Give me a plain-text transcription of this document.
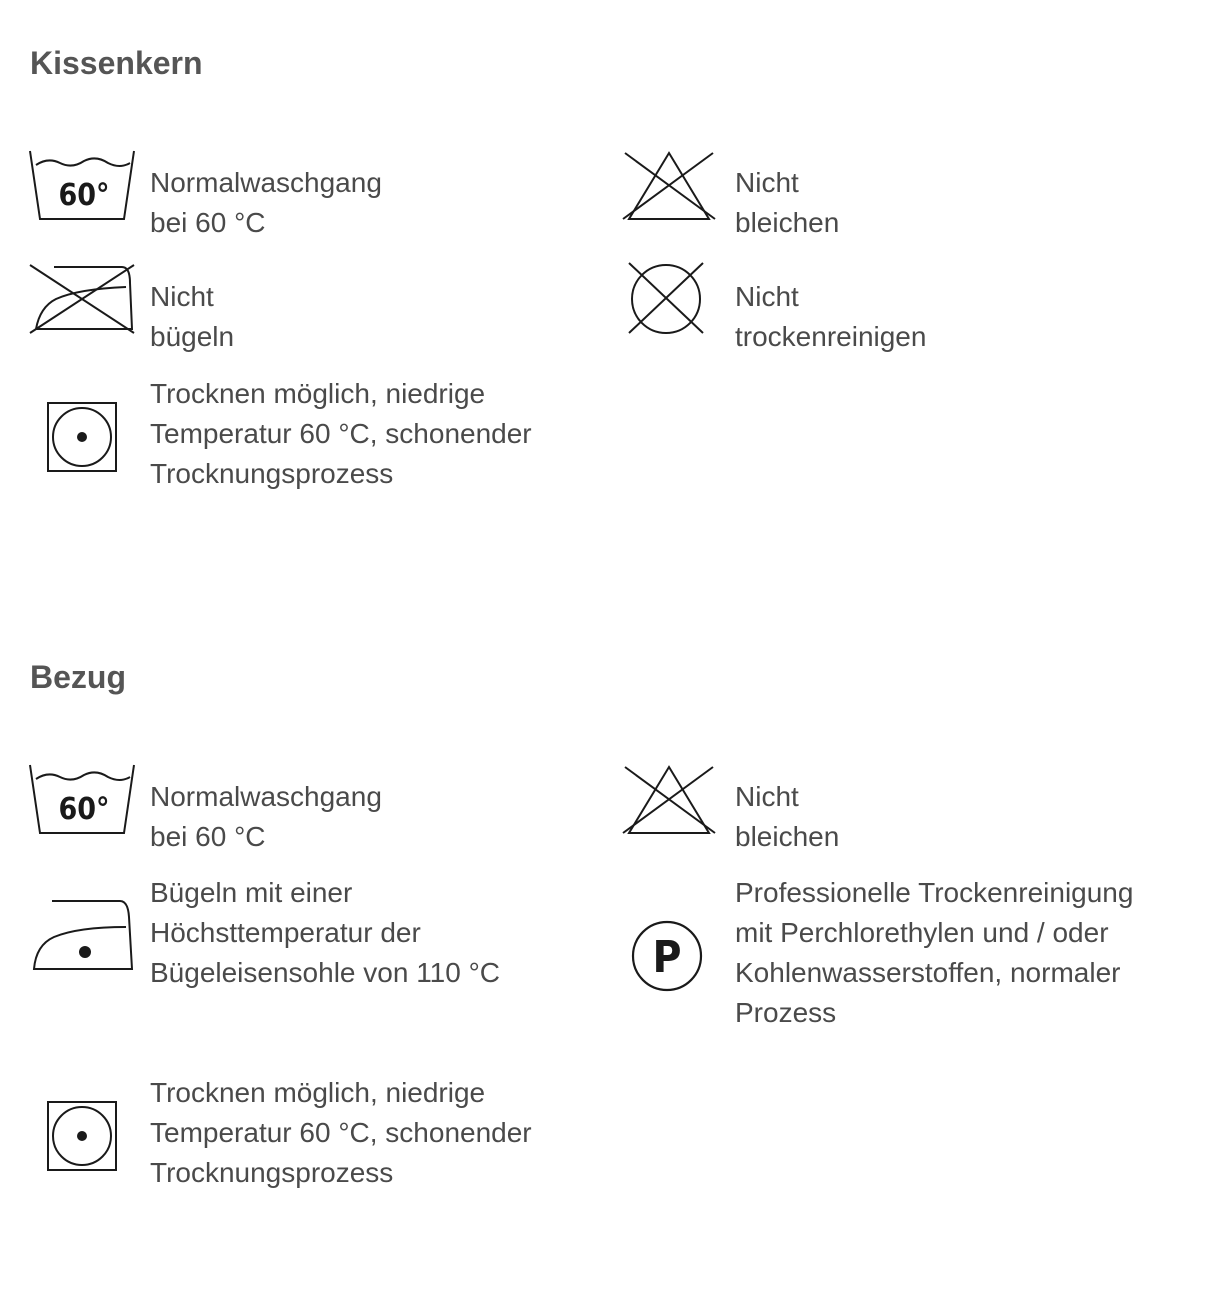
Kissenkern
60° Normalwaschgang bei 60 °C
Nicht bleichen
Nicht bügeln
Nicht trockenreinigen
Trocknen möglich, niedrige Temperatur 60 °C, schonender Trocknungsprozess
Bezug
60° Normalwaschgang bei 60 °C
Nicht bleichen
Bügeln mit einer Höchsttemperatur der Bügeleisensohle von 110 °C	P
Professionelle Trockenreinigung mit Perchlorethylen und / oder Kohlenwasserstoffen, normaler Prozess
Trocknen möglich, niedrige Temperatur 60 °C, schonender Trocknungsprozess
